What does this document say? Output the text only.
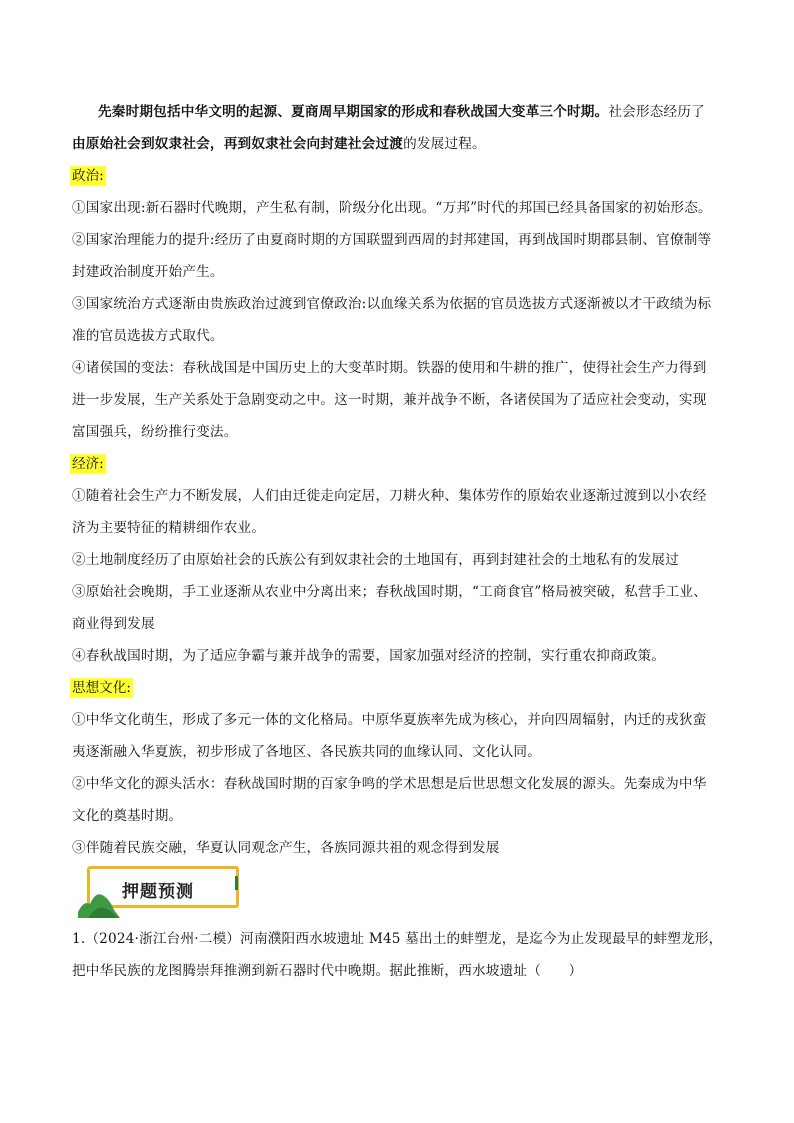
先秦时期包括中华文明的起源、夏商周早期国家的形成和春秋战国大变革三个时期。社会形态经历了
由原始社会到奴隶社会，再到奴隶社会向封建社会过渡的发展过程。
政治:
①国家出现:新石器时代晚期，产生私有制，阶级分化出现。“万邦”时代的邦国已经具备国家的初始形态。
②国家治理能力的提升:经历了由夏商时期的方国联盟到西周的封邦建国，再到战国时期郡县制、官僚制等
封建政治制度开始产生。
③国家统治方式逐渐由贵族政治过渡到官僚政治:以血缘关系为依据的官员选拔方式逐渐被以才干政绩为标
准的官员选拔方式取代。
④诸侯国的变法：春秋战国是中国历史上的大变革时期。铁器的使用和牛耕的推广，使得社会生产力得到
进一步发展，生产关系处于急剧变动之中。这一时期，兼并战争不断，各诸侯国为了适应社会变动，实现
富国强兵，纷纷推行变法。
经济:
①随着社会生产力不断发展，人们由迁徙走向定居，刀耕火种、集体劳作的原始农业逐渐过渡到以小农经
济为主要特征的精耕细作农业。
②土地制度经历了由原始社会的氏族公有到奴隶社会的土地国有，再到封建社会的土地私有的发展过
③原始社会晚期，手工业逐渐从农业中分离出来；春秋战国时期，“工商食官”格局被突破，私营手工业、
商业得到发展
④春秋战国时期，为了适应争霸与兼并战争的需要，国家加强对经济的控制，实行重农抑商政策。
思想文化:
①中华文化萌生，形成了多元一体的文化格局。中原华夏族率先成为核心，并向四周辐射，内迁的戎狄蛮
夷逐渐融入华夏族，初步形成了各地区、各民族共同的血缘认同、文化认同。
②中华文化的源头活水：春秋战国时期的百家争鸣的学术思想是后世思想文化发展的源头。先秦成为中华
文化的奠基时期。
③伴随着民族交融，华夏认同观念产生，各族同源共祖的观念得到发展
押题预测
1.（2024·浙江台州·二模）河南濮阳西水坡遗址 M45 墓出土的蚌塑龙，是迄今为止发现最早的蚌塑龙形，
把中华民族的龙图腾崇拜推溯到新石器时代中晚期。据此推断，西水坡遗址（　　）
